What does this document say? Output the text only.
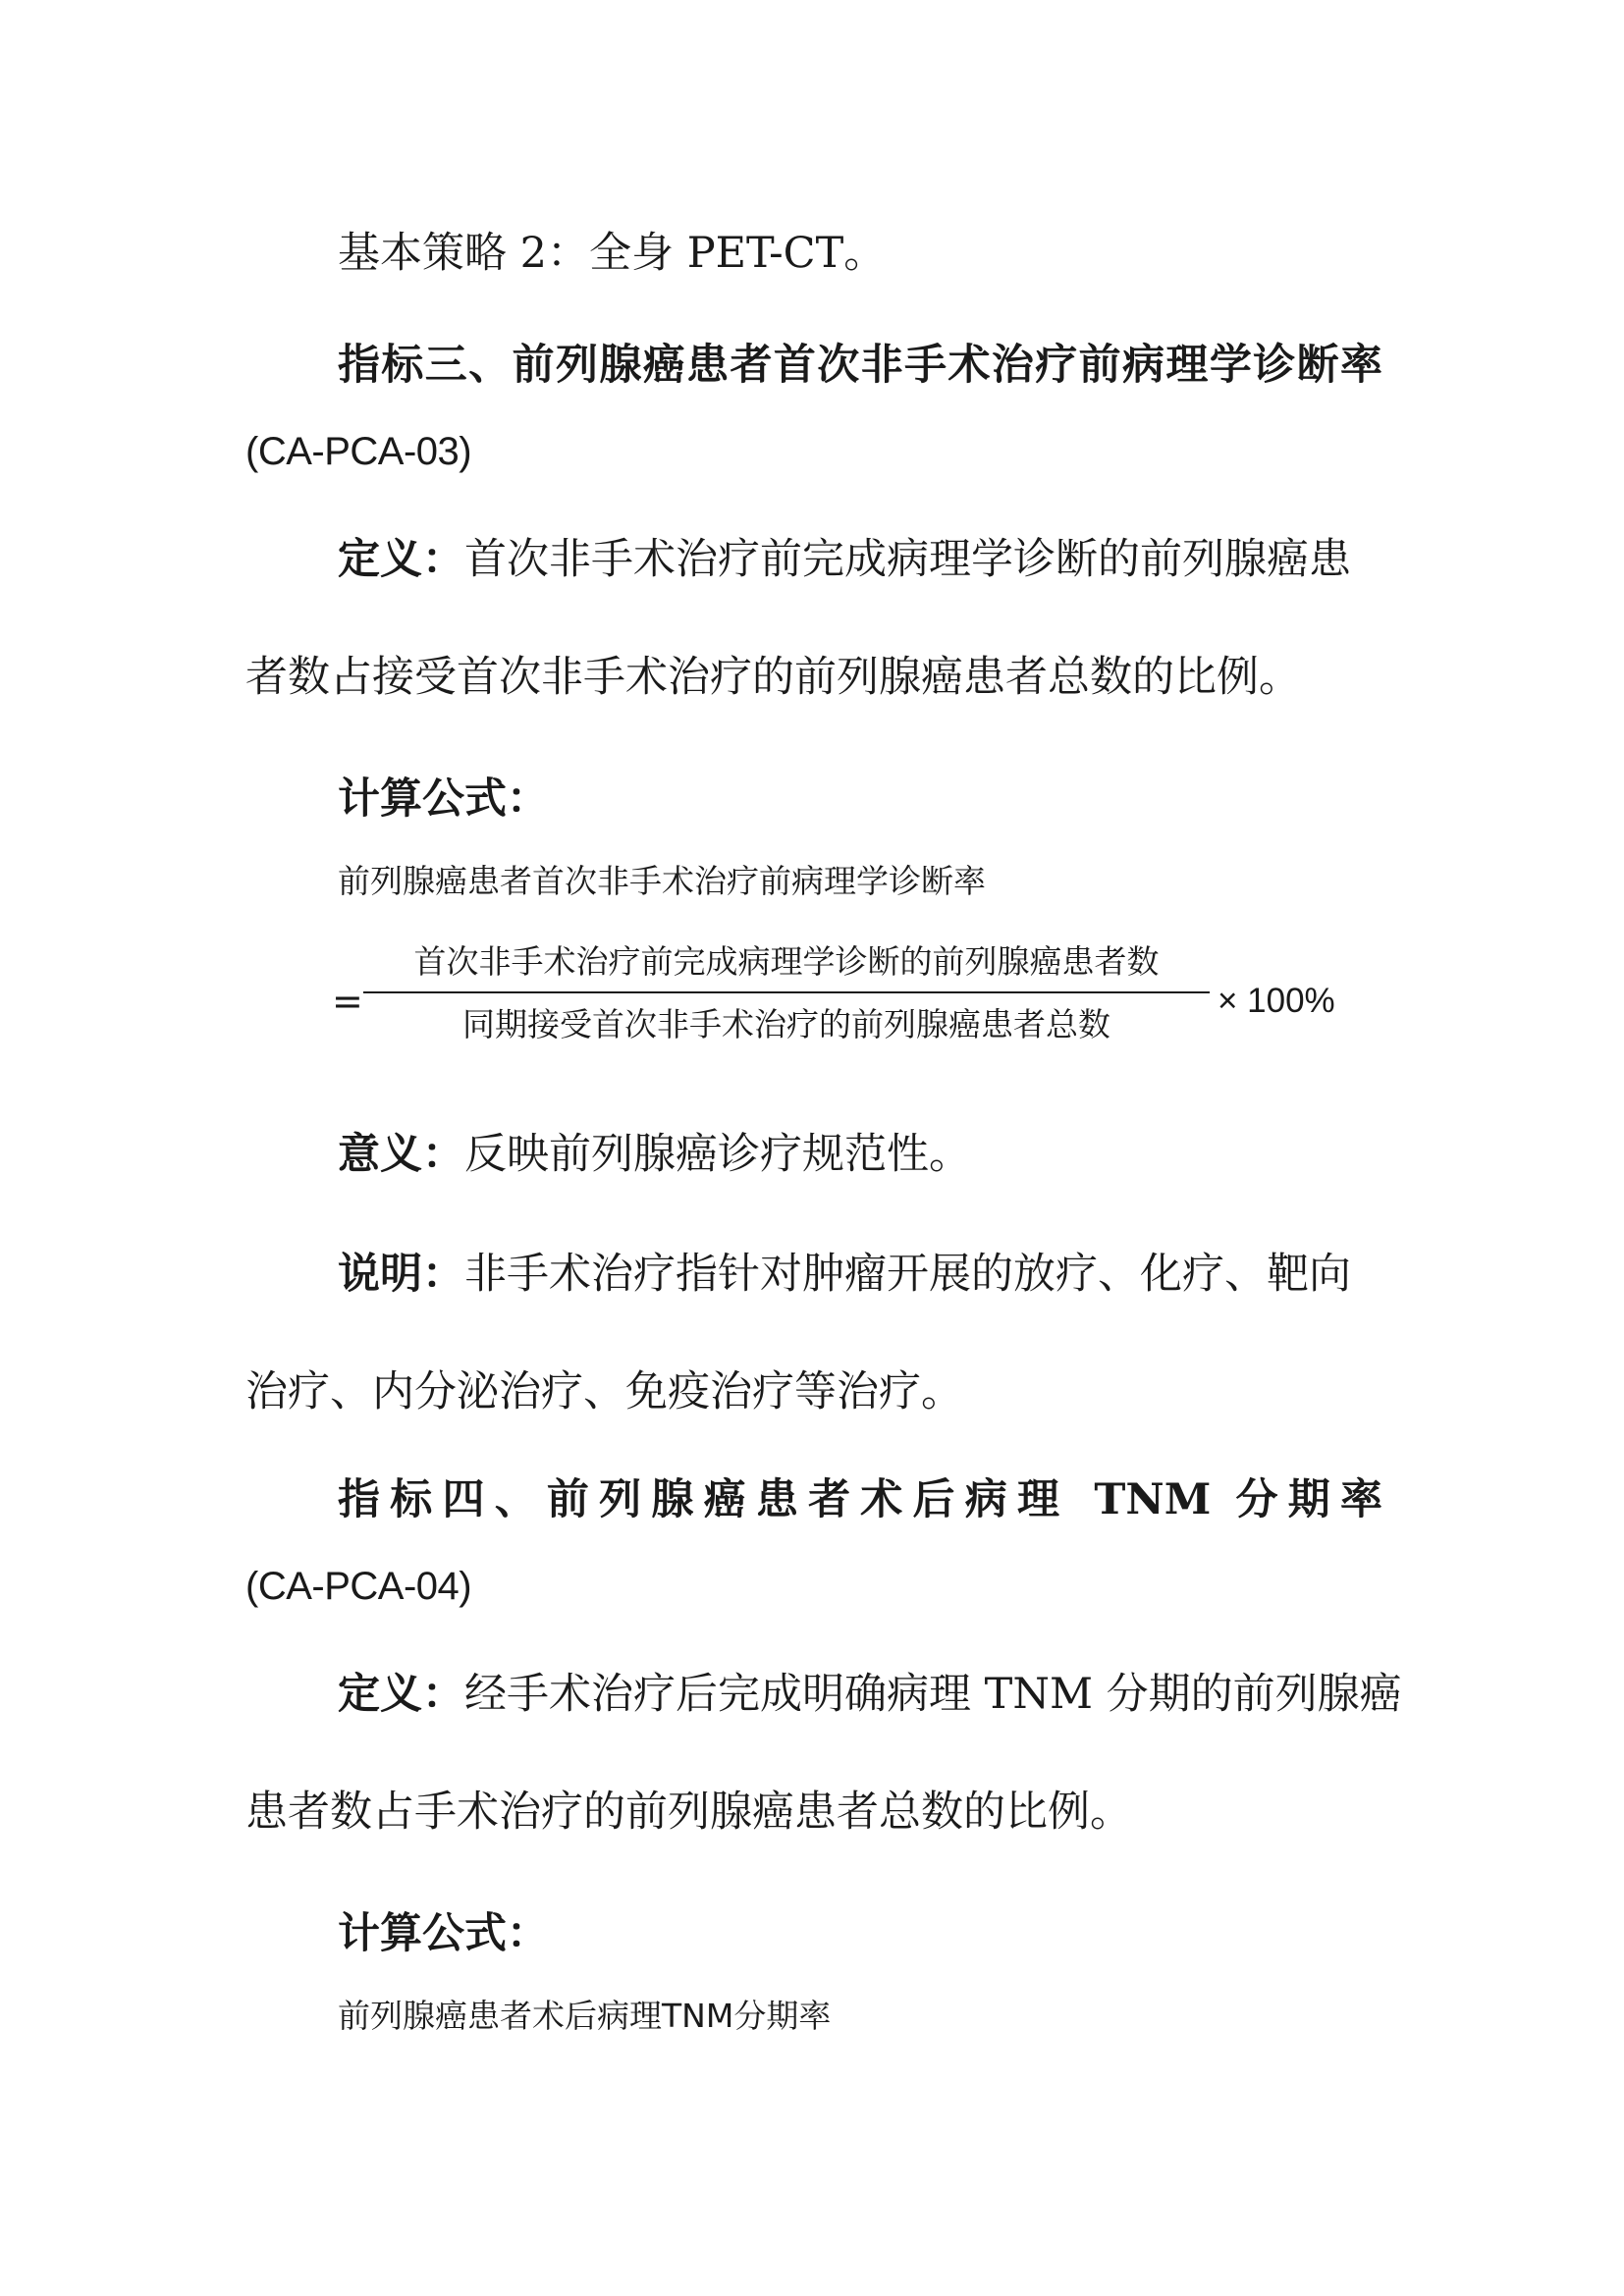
基本策略 2：全身 PET-CT。
指标三、前列腺癌患者首次非手术治疗前病理学诊断率
(CA-PCA-03)
定义：首次非手术治疗前完成病理学诊断的前列腺癌患
者数占接受首次非手术治疗的前列腺癌患者总数的比例。
计算公式：
前列腺癌患者首次非手术治疗前病理学诊断率
=
首次非手术治疗前完成病理学诊断的前列腺癌患者数
同期接受首次非手术治疗的前列腺癌患者总数
× 100%
意义：反映前列腺癌诊疗规范性。
说明：非手术治疗指针对肿瘤开展的放疗、化疗、靶向
治疗、内分泌治疗、免疫治疗等治疗。
指标四、前列腺癌患者术后病理 TNM 分期率
(CA-PCA-04)
定义：经手术治疗后完成明确病理 TNM 分期的前列腺癌
患者数占手术治疗的前列腺癌患者总数的比例。
计算公式：
前列腺癌患者术后病理TNM分期率
